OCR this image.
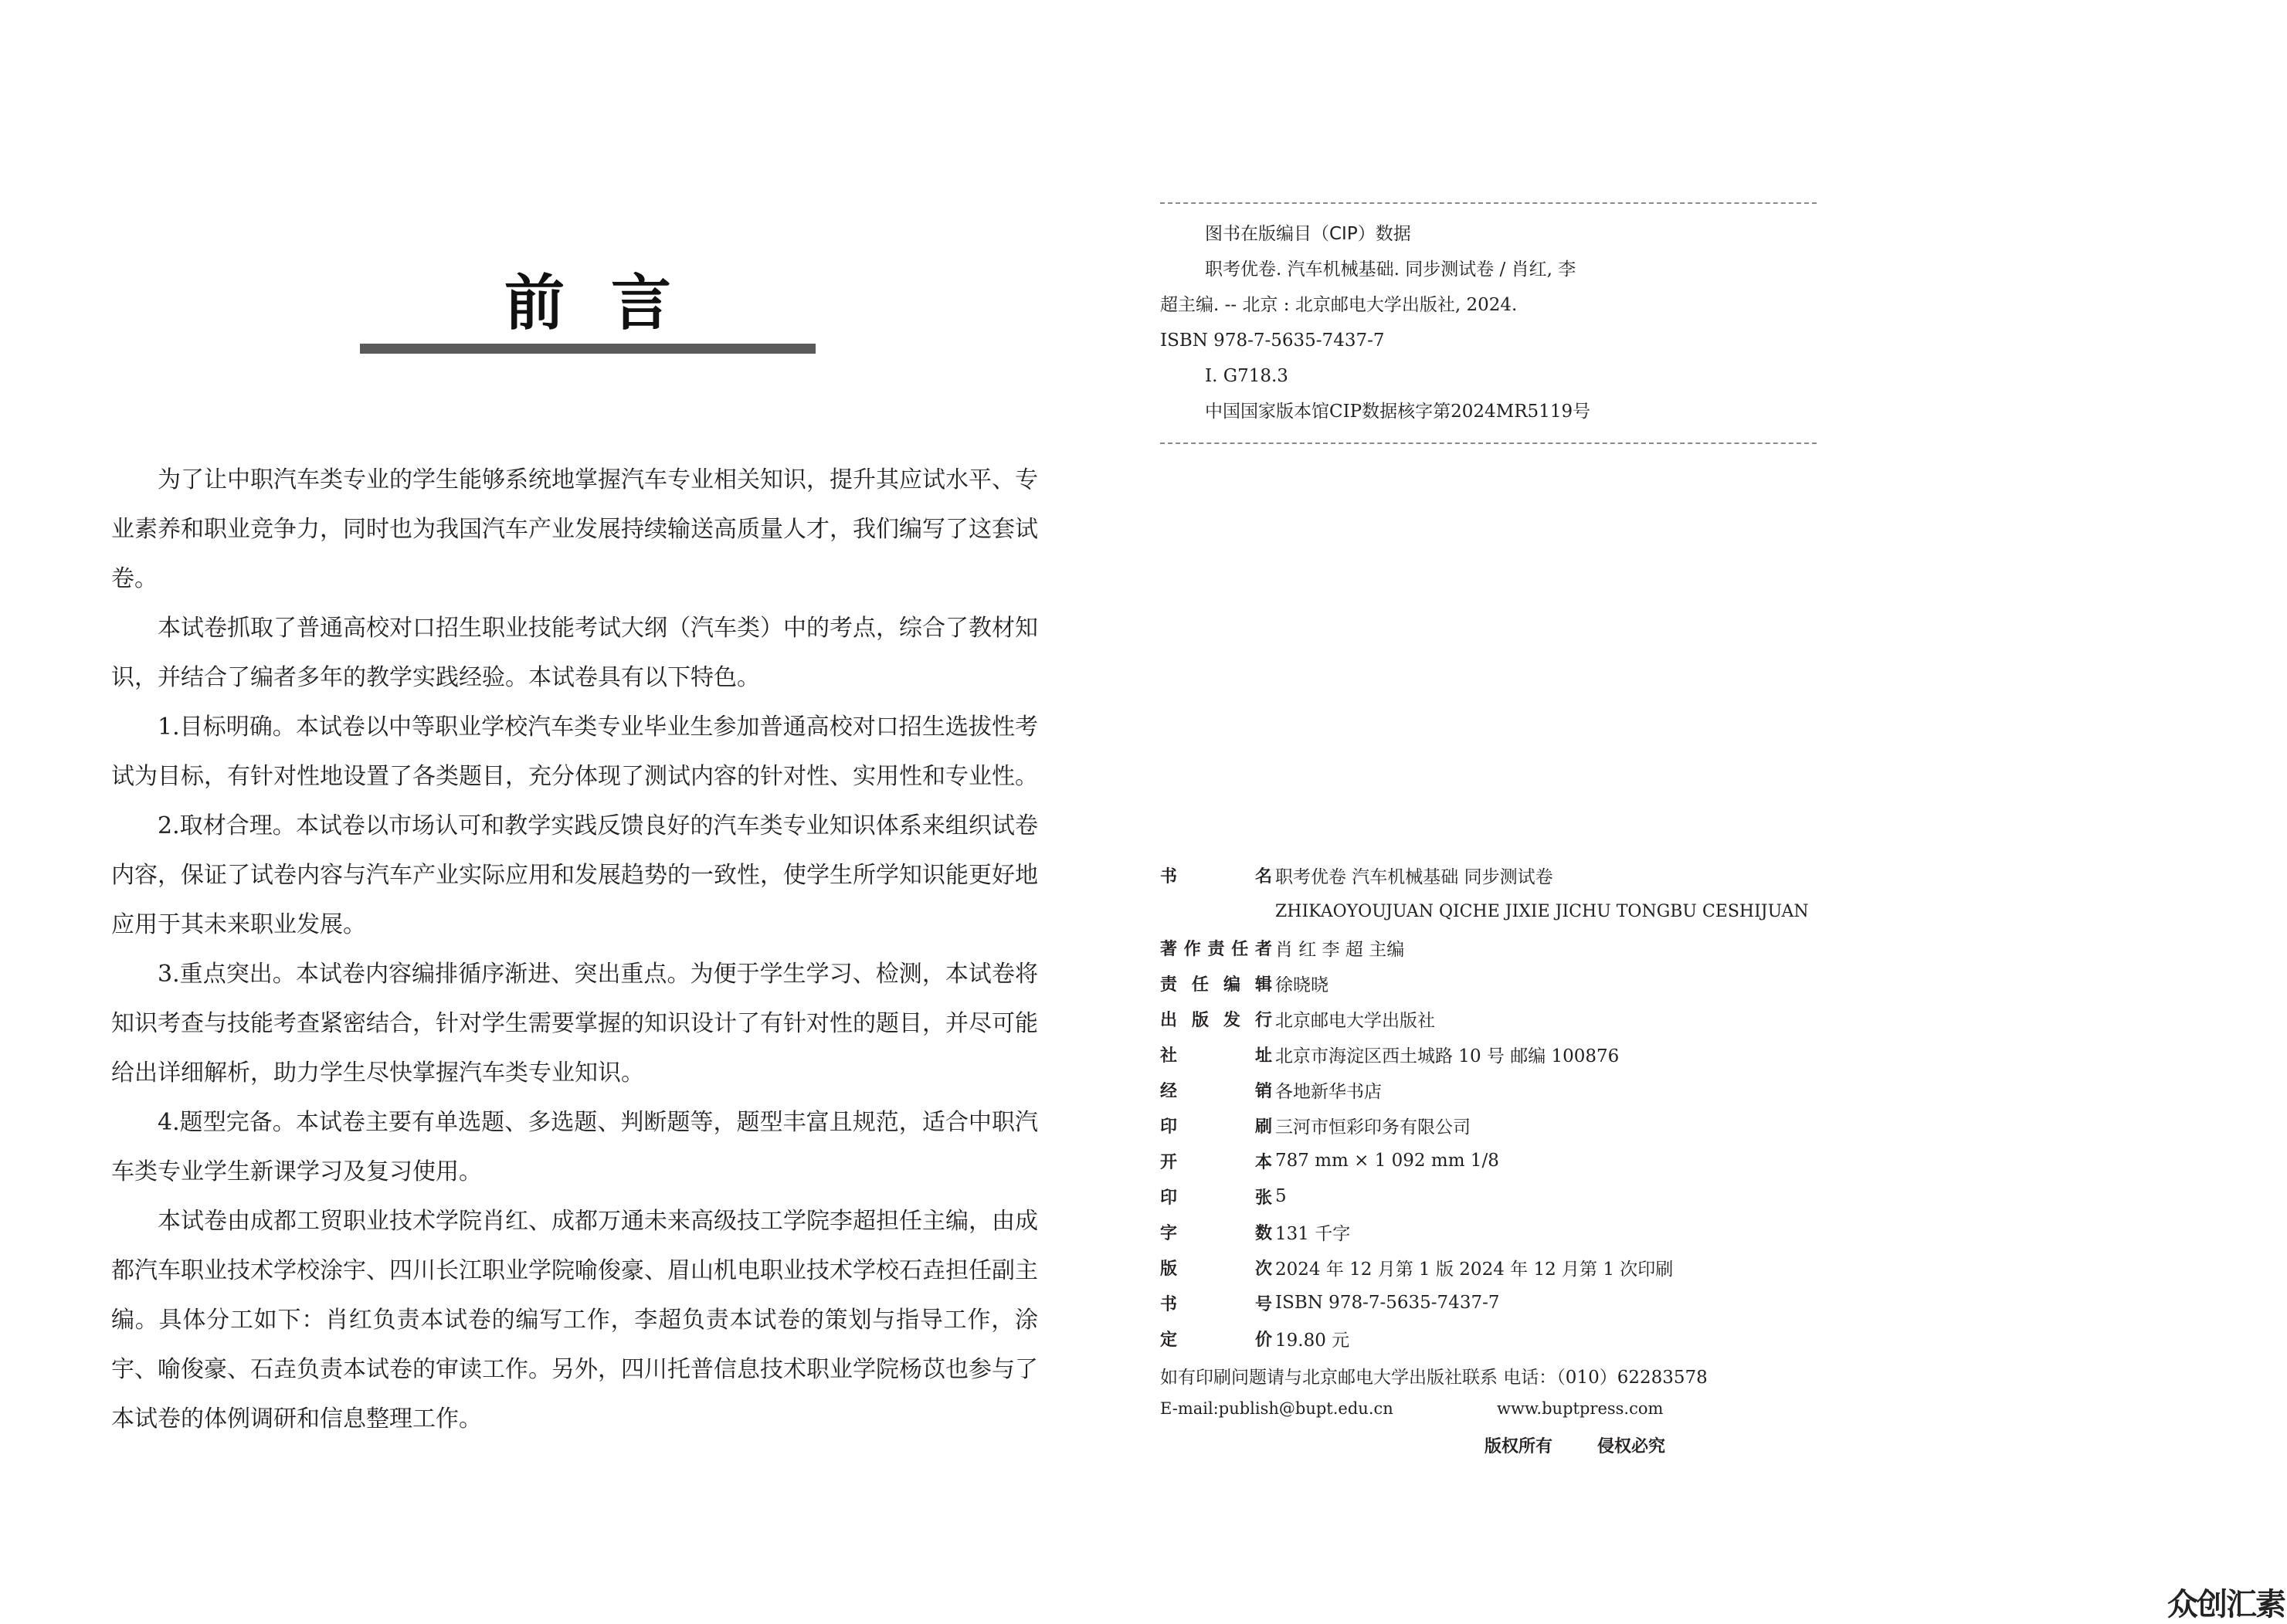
前言

为了让中职汽车类专业的学生能够系统地掌握汽车专业相关知识，提升其应试水平、专业素养和职业竞争力，同时也为我国汽车产业发展持续输送高质量人才，我们编写了这套试卷。

本试卷抓取了普通高校对口招生职业技能考试大纲（汽车类）中的考点，综合了教材知识，并结合了编者多年的教学实践经验。本试卷具有以下特色。

1.目标明确。本试卷以中等职业学校汽车类专业毕业生参加普通高校对口招生选拔性考试为目标，有针对性地设置了各类题目，充分体现了测试内容的针对性、实用性和专业性。

2.取材合理。本试卷以市场认可和教学实践反馈良好的汽车类专业知识体系来组织试卷内容，保证了试卷内容与汽车产业实际应用和发展趋势的一致性，使学生所学知识能更好地应用于其未来职业发展。

3.重点突出。本试卷内容编排循序渐进、突出重点。为便于学生学习、检测，本试卷将知识考查与技能考查紧密结合，针对学生需要掌握的知识设计了有针对性的题目，并尽可能给出详细解析，助力学生尽快掌握汽车类专业知识。

4.题型完备。本试卷主要有单选题、多选题、判断题等，题型丰富且规范，适合中职汽车类专业学生新课学习及复习使用。

本试卷由成都工贸职业技术学院肖红、成都万通未来高级技工学院李超担任主编，由成都汽车职业技术学校涂宇、四川长江职业学院喻俊豪、眉山机电职业技术学校石垚担任副主编。具体分工如下：肖红负责本试卷的编写工作，李超负责本试卷的策划与指导工作，涂宇、喻俊豪、石垚负责本试卷的审读工作。另外，四川托普信息技术职业学院杨苡也参与了本试卷的体例调研和信息整理工作。

图书在版编目（CIP）数据
职考优卷. 汽车机械基础. 同步测试卷 / 肖红, 李
超主编. -- 北京 : 北京邮电大学出版社, 2024.
ISBN 978-7-5635-7437-7
Ⅰ. G718.3
中国国家版本馆CIP数据核字第2024MR5119号
书	名 职考优卷 汽车机械基础 同步测试卷
ZHIKAOYOUJUAN QICHE JIXIE JICHU TONGBU CESHIJUAN
著 作 责 任 者 肖 红 李 超 主编
责 任 编 辑 徐晓晓
出 版 发 行 北京邮电大学出版社
社	址 北京市海淀区西土城路 10 号 邮编 100876
经	销 各地新华书店
印	刷 三河市恒彩印务有限公司
开	本 787 mm × 1 092 mm 1/8
印	张 5
字	数 131 千字
版	次 2024 年 12 月第 1 版 2024 年 12 月第 1 次印刷
书	号 ISBN 978-7-5635-7437-7
定	价 19.80 元
如有印刷问题请与北京邮电大学出版社联系 电话：（010）62283578
E-mail:publish@bupt.edu.cn	www.buptpress.com
版权所有	侵权必究
众创汇素
